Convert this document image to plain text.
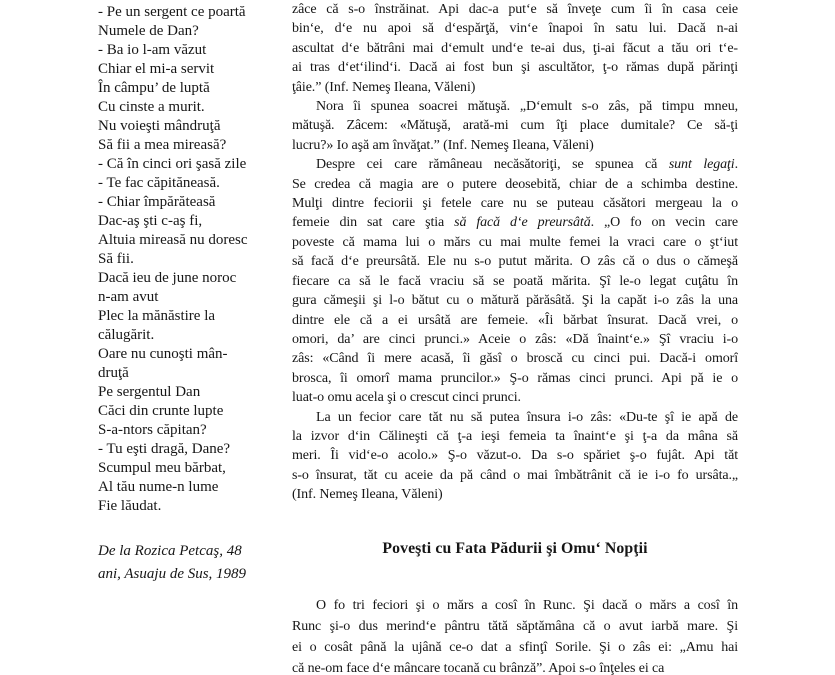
- Pe un sergent ce poartă
Numele de Dan?
- Ba io l-am văzut
Chiar el mi-a servit
În câmpu’ de luptă
Cu cinste a murit.
Nu voieşti mândruţă
Să fii a mea mireasă?
- Că în cinci ori şasă zile
- Te fac căpităneasă.
- Chiar împărăteasă
Dac-aş şti c-aş fi,
Altuia mireasă nu doresc
Să fii.
Dacă ieu de june noroc
n-am avut
Plec la mănăstire la
călugărit.
Oare nu cunoşti mân-
druţă
Pe sergentul Dan
Căci din crunte lupte
S-a-ntors căpitan?
- Tu eşti dragă, Dane?
Scumpul meu bărbat,
Al tău nume-n lume
Fie lăudat.
De la Rozica Petcaş, 48
ani, Asuaju de Sus, 1989
zâce că s-o înstrăinat. Api dac-a put‘e să înveţe cum îi în casa ceie
bin‘e, d‘e nu apoi să d‘espărţă, vin‘e înapoi în satu lui. Dacă n-ai
ascultat d‘e bătrâni mai d‘emult und‘e te-ai dus, ţi-ai făcut a tău ori t‘e-
ai tras d‘et‘ilind‘i. Dacă ai fost bun şi ascultător, ţ-o rămas după părinţi
ţâie.” (Inf. Nemeş Ileana, Văleni)
Nora îi spunea soacrei mătuşă. „D‘emult s-o zâs, pă timpu mneu,
mătuşă. Zâcem: «Mătuşă, arată-mi cum îţi place dumitale? Ce să-ţi
lucru?» Io aşă am învăţat.” (Inf. Nemeş Ileana, Văleni)
Despre cei care rămâneau necăsătoriţi, se spunea că sunt legaţi.
Se credea că magia are o putere deosebită, chiar de a schimba destine.
Mulţi dintre feciorii şi fetele care nu se puteau căsători mergeau la o
femeie din sat care ştia să facă d‘e preursâtă. „O fo on vecin care
poveste că mama lui o mărs cu mai multe femei la vraci care o şt‘iut
să facă d‘e preursâtă. Ele nu s-o putut mărita. O zâs că o dus o cămeşă
fiecare ca să le facă vraciu să se poată mărita. Şî le-o legat cuţâtu în
gura cămeşii şi l-o bătut cu o mătură părăsâtă. Şi la capăt i-o zâs la una
dintre ele că a ei ursâtă are femeie. «Îi bărbat însurat. Dacă vrei, o
omori, da’ are cinci prunci.» Aceie o zâs: «Dă înaint‘e.» Şî vraciu i-o
zâs: «Când îi mere acasă, îi găsî o broscă cu cinci pui. Dacă-i omorî
brosca, îi omorî mama pruncilor.» Ş-o rămas cinci prunci. Api pă ie o
luat-o omu acela şi o crescut cinci prunci.
La un fecior care tăt nu să putea însura i-o zâs: «Du-te şî ie apă de
la izvor d‘in Călineşti că ţ-a ieşi femeia ta înaint‘e şi ţ-a da mâna să
meri. Îi vid‘e-o acolo.» Ş-o văzut-o. Da s-o spăriet ş-o fujât. Api tăt
s-o însurat, tăt cu aceie da pă când o mai îmbătrânit că ie i-o fo ursâta.„
(Inf. Nemeş Ileana, Văleni)
Poveşti cu Fata Pădurii şi Omu‘ Nopţii
O fo tri feciori şi o mărs a cosî în Runc. Şi dacă o mărs a cosî în
Runc şi-o dus merind‘e pântru tătă săptămâna că o avut iarbă mare. Şi
ei o cosât până la ujână ce-o dat a sfinţî Sorile. Şi o zâs ei: „Amu hai
că ne-om face d‘e mâncare tocană cu brânză”. Apoi s-o înţeles ei ca
